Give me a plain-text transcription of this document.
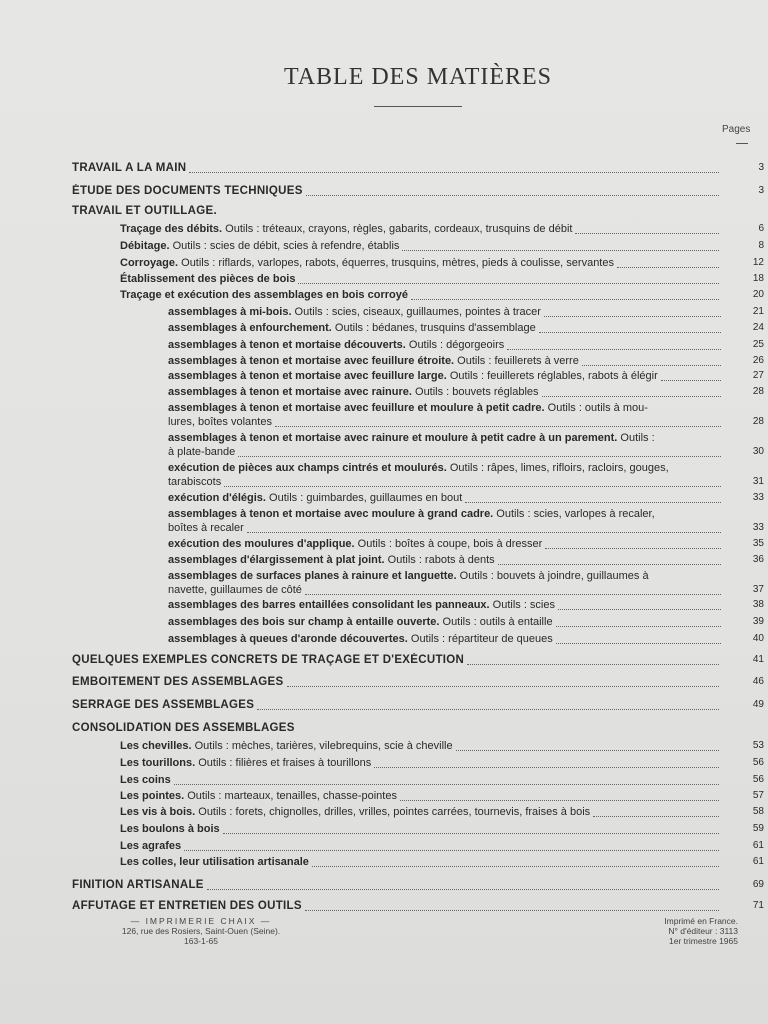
TABLE DES MATIÈRES
Pages
TRAVAIL A LA MAIN	3
ÉTUDE DES DOCUMENTS TECHNIQUES	3
TRAVAIL ET OUTILLAGE.
Traçage des débits. Outils : tréteaux, crayons, règles, gabarits, cordeaux, trusquins de débit	6
Débitage. Outils : scies de débit, scies à refendre, établis	8
Corroyage. Outils : riflards, varlopes, rabots, équerres, trusquins, mètres, pieds à coulisse, servantes	12
Établissement des pièces de bois	18
Traçage et exécution des assemblages en bois corroyé	20
assemblages à mi-bois. Outils : scies, ciseaux, guillaumes, pointes à tracer	21
assemblages à enfourchement. Outils : bédanes, trusquins d'assemblage	24
assemblages à tenon et mortaise découverts. Outils : dégorgeoirs	25
assemblages à tenon et mortaise avec feuillure étroite. Outils : feuillerets à verre	26
assemblages à tenon et mortaise avec feuillure large. Outils : feuillerets réglables, rabots à élégir	27
assemblages à tenon et mortaise avec rainure. Outils : bouvets réglables	28
assemblages à tenon et mortaise avec feuillure et moulure à petit cadre. Outils : outils à mou-
lures, boîtes volantes	28
assemblages à tenon et mortaise avec rainure et moulure à petit cadre à un parement. Outils :
à plate-bande	30
exécution de pièces aux champs cintrés et moulurés. Outils : râpes, limes, rifloirs, racloirs, gouges,
tarabiscots	31
exécution d'élégis. Outils : guimbardes, guillaumes en bout	33
assemblages à tenon et mortaise avec moulure à grand cadre. Outils : scies, varlopes à recaler,
boîtes à recaler	33
exécution des moulures d'applique. Outils : boîtes à coupe, bois à dresser	35
assemblages d'élargissement à plat joint. Outils : rabots à dents	36
assemblages de surfaces planes à rainure et languette. Outils : bouvets à joindre, guillaumes à
navette, guillaumes de côté	37
assemblages des barres entaillées consolidant les panneaux. Outils : scies	38
assemblages des bois sur champ à entaille ouverte. Outils : outils à entaille	39
assemblages à queues d'aronde découvertes. Outils : répartiteur de queues	40
QUELQUES EXEMPLES CONCRETS DE TRAÇAGE ET D'EXÉCUTION	41
EMBOITEMENT DES ASSEMBLAGES	46
SERRAGE DES ASSEMBLAGES	49
CONSOLIDATION DES ASSEMBLAGES
Les chevilles. Outils : mèches, tarières, vilebrequins, scie à cheville	53
Les tourillons. Outils : filières et fraises à tourillons	56
Les coins	56
Les pointes. Outils : marteaux, tenailles, chasse-pointes	57
Les vis à bois. Outils : forets, chignolles, drilles, vrilles, pointes carrées, tournevis, fraises à bois	58
Les boulons à bois	59
Les agrafes	61
Les colles, leur utilisation artisanale	61
FINITION ARTISANALE	69
AFFUTAGE ET ENTRETIEN DES OUTILS	71
— IMPRIMERIE CHAIX —
126, rue des Rosiers, Saint-Ouen (Seine).
163-1-65
Imprimé en France.
N° d'éditeur : 3113
1er trimestre 1965
